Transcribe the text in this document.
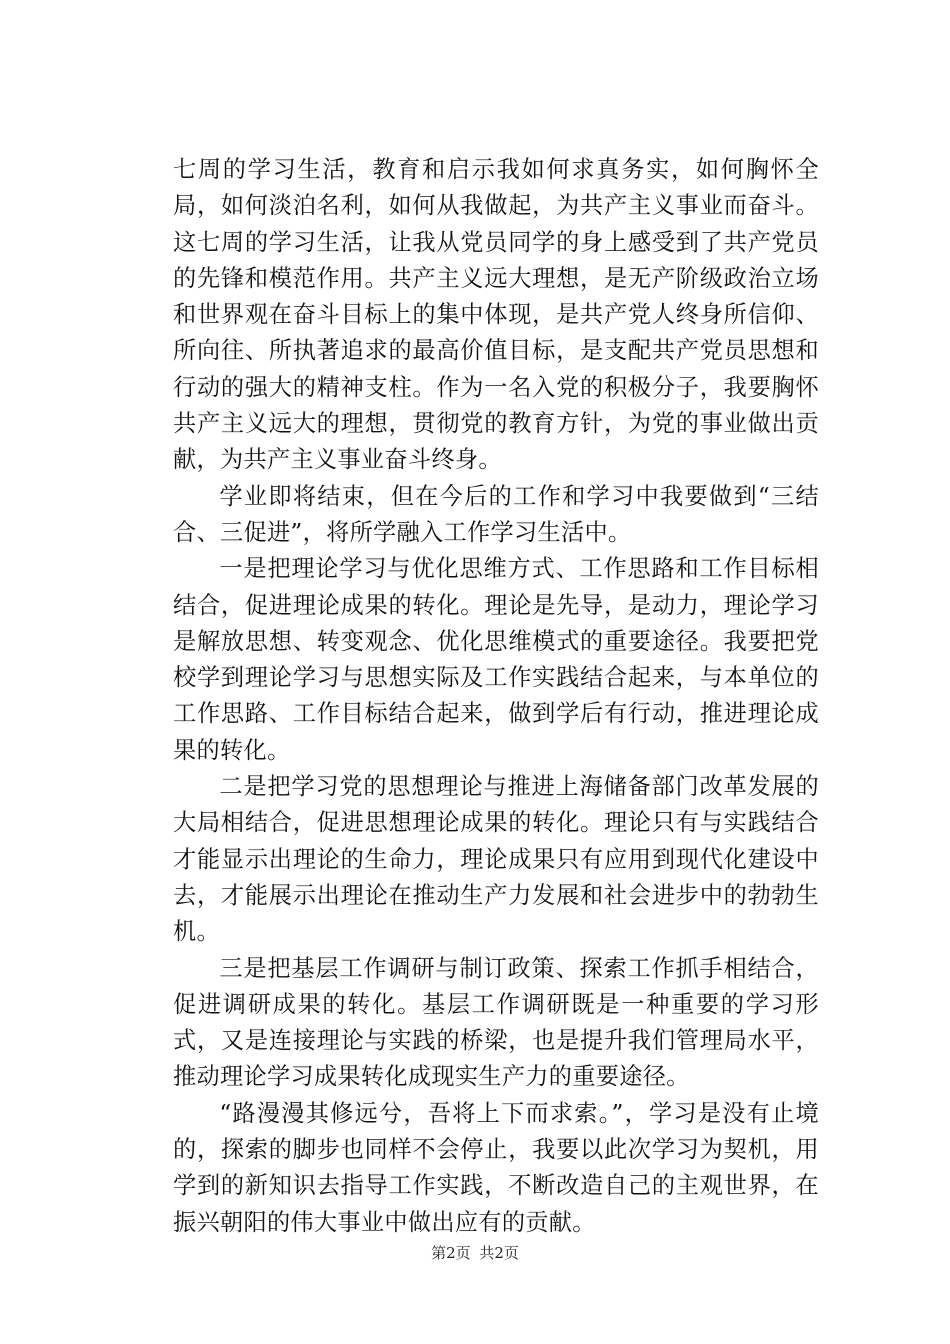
七周的学习生活，教育和启示我如何求真务实，如何胸怀全局，如何淡泊名利，如何从我做起，为共产主义事业而奋斗。这七周的学习生活，让我从党员同学的身上感受到了共产党员的先锋和模范作用。共产主义远大理想，是无产阶级政治立场和世界观在奋斗目标上的集中体现，是共产党人终身所信仰、所向往、所执著追求的最高价值目标，是支配共产党员思想和行动的强大的精神支柱。作为一名入党的积极分子，我要胸怀共产主义远大的理想，贯彻党的教育方针，为党的事业做出贡献，为共产主义事业奋斗终身。

学业即将结束，但在今后的工作和学习中我要做到“三结合、三促进”，将所学融入工作学习生活中。

一是把理论学习与优化思维方式、工作思路和工作目标相结合，促进理论成果的转化。理论是先导，是动力，理论学习是解放思想、转变观念、优化思维模式的重要途径。我要把党校学到理论学习与思想实际及工作实践结合起来，与本单位的工作思路、工作目标结合起来，做到学后有行动，推进理论成果的转化。

二是把学习党的思想理论与推进上海储备部门改革发展的大局相结合，促进思想理论成果的转化。理论只有与实践结合才能显示出理论的生命力，理论成果只有应用到现代化建设中去，才能展示出理论在推动生产力发展和社会进步中的勃勃生机。

三是把基层工作调研与制订政策、探索工作抓手相结合，促进调研成果的转化。基层工作调研既是一种重要的学习形式，又是连接理论与实践的桥梁，也是提升我们管理局水平，推动理论学习成果转化成现实生产力的重要途径。

“路漫漫其修远兮，吾将上下而求索。”，学习是没有止境的，探索的脚步也同样不会停止，我要以此次学习为契机，用学到的新知识去指导工作实践，不断改造自己的主观世界，在振兴朝阳的伟大事业中做出应有的贡献。

第2页 共2页
